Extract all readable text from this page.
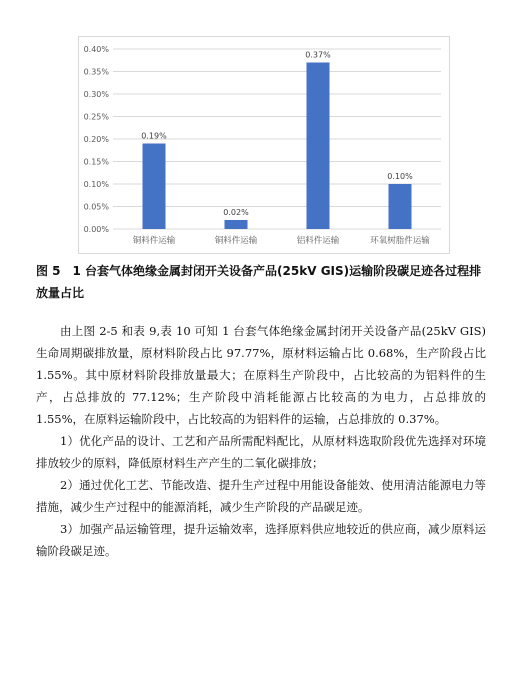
0.00%
0.05%
0.10%
0.15%
0.20%
0.25%
0.30%
0.35%
0.40%
0.19%
铜料件运输
0.02%
铜料件运输
0.37%
铝料件运输
0.10%
环氧树脂件运输
图 5 1 台套气体绝缘金属封闭开关设备产品(25kV GIS)运输阶段碳足迹各过程排放量占比

由上图 2-5 和表 9,表 10 可知 1 台套气体绝缘金属封闭开关设备产品(25kV GIS)生命周期碳排放量，原材料阶段占比 97.77%，原材料运输占比 0.68%，生产阶段占比 1.55%。其中原材料阶段排放量最大；在原料生产阶段中，占比较高的为铝料件的生产，占总排放的 77.12%；生产阶段中消耗能源占比较高的为电力，占总排放的 1.55%，在原料运输阶段中，占比较高的为铝料件的运输，占总排放的 0.37%。

1）优化产品的设计、工艺和产品所需配料配比，从原材料选取阶段优先选择对环境排放较少的原料，降低原材料生产产生的二氧化碳排放；

2）通过优化工艺、节能改造、提升生产过程中用能设备能效、使用清洁能源电力等措施，减少生产过程中的能源消耗，减少生产阶段的产品碳足迹。

3）加强产品运输管理，提升运输效率，选择原料供应地较近的供应商，减少原料运输阶段碳足迹。
